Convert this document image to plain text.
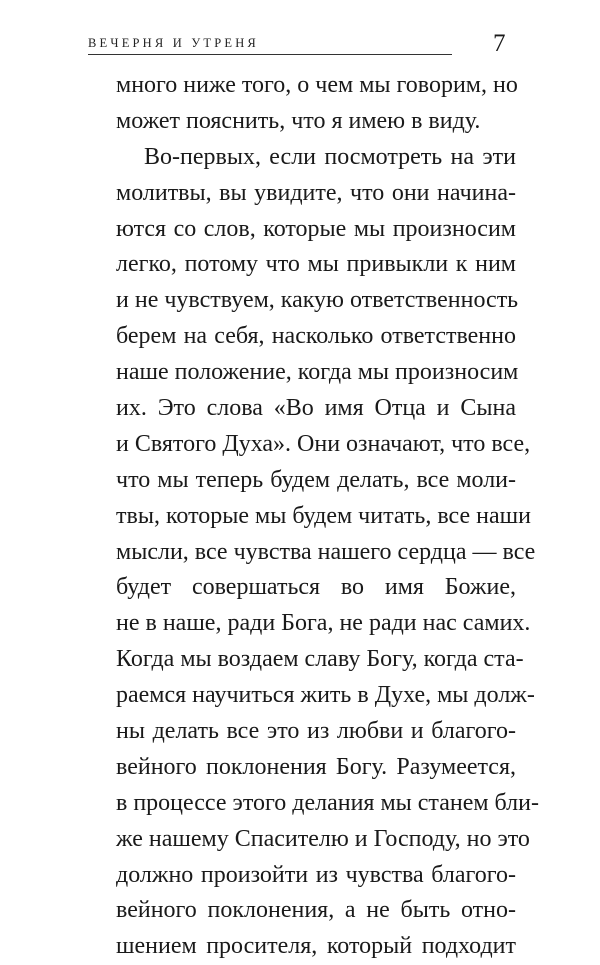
ВЕЧЕРНЯ И УТРЕНЯ	7
много ниже того, о чем мы говорим, но
может пояснить, что я имею в виду.
Во-первых, если посмотреть на эти
молитвы, вы увидите, что они начина-
ются со слов, которые мы произносим
легко, потому что мы привыкли к ним
и не чувствуем, какую ответственность
берем на себя, насколько ответственно
наше положение, когда мы произносим
их. Это слова «Во имя Отца и Сына
и Святого Духа». Они означают, что все,
что мы теперь будем делать, все моли-
твы, которые мы будем читать, все наши
мысли, все чувства нашего сердца — все
будет совершаться во имя Божие,
не в наше, ради Бога, не ради нас самих.
Когда мы воздаем славу Богу, когда ста-
раемся научиться жить в Духе, мы долж-
ны делать все это из любви и благого-
вейного поклонения Богу. Разумеется,
в процессе этого делания мы станем бли-
же нашему Спасителю и Господу, но это
должно произойти из чувства благого-
вейного поклонения, а не быть отно-
шением просителя, который подходит
